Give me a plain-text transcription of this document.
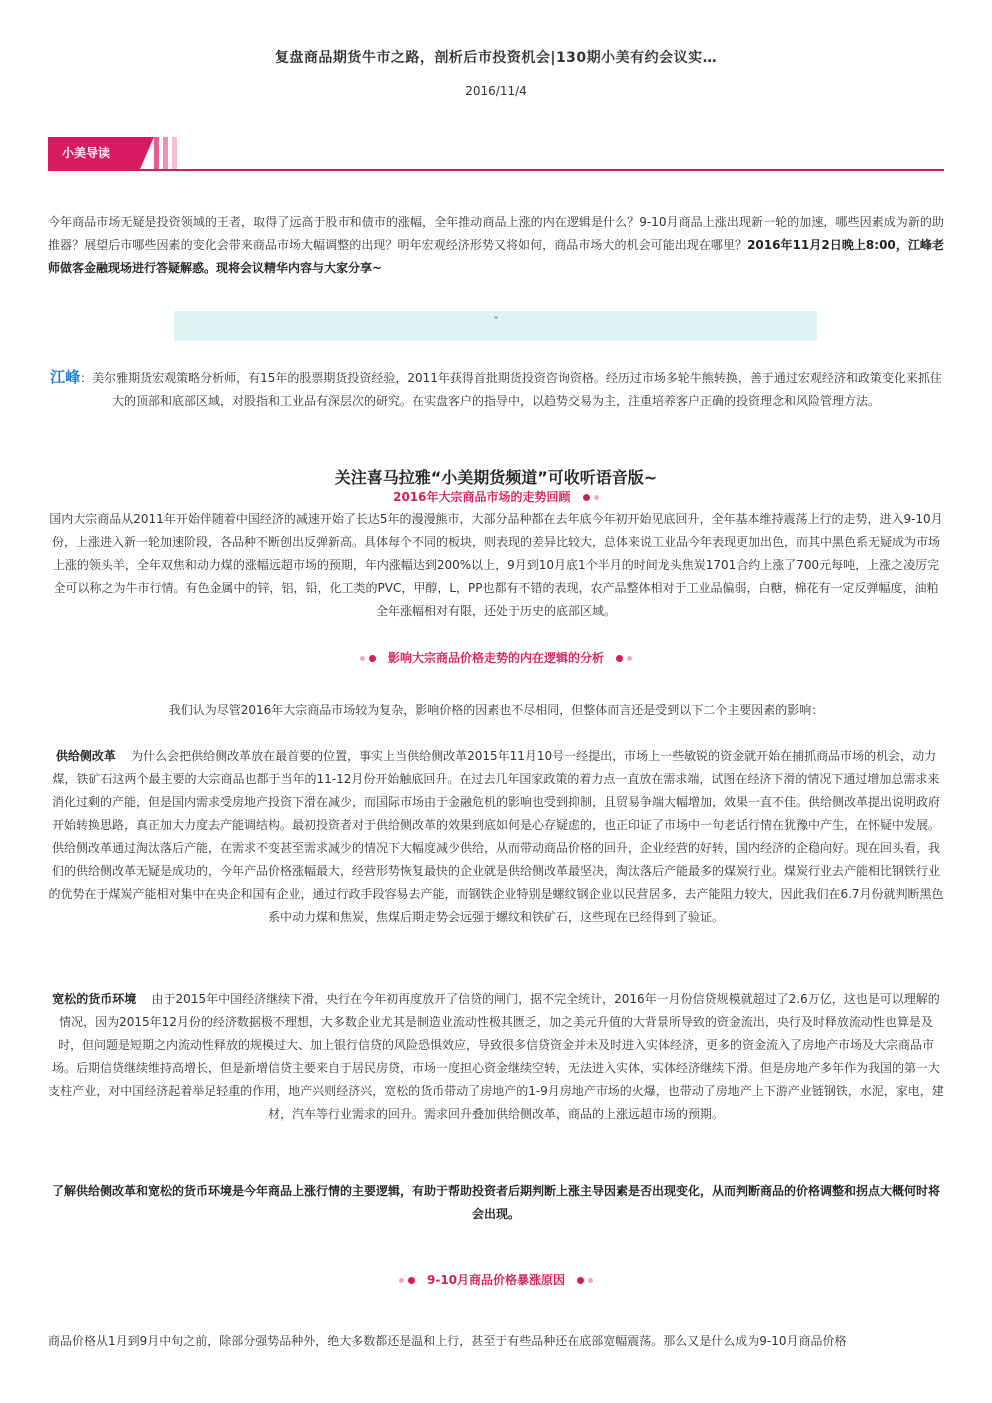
复盘商品期货牛市之路，剖析后市投资机会|130期小美有约会议实…
2016/11/4
小美导读
今年商品市场无疑是投资领域的王者，取得了远高于股市和债市的涨幅，全年推动商品上涨的内在逻辑是什么？9-10月商品上涨出现新一轮的加速，哪些因素成为新的助推器？展望后市哪些因素的变化会带来商品市场大幅调整的出现？明年宏观经济形势又将如何，商品市场大的机会可能出现在哪里？2016年11月2日晚上8:00，江峰老师做客金融现场进行答疑解惑。现将会议精华内容与大家分享~
▪
江峰：美尔雅期货宏观策略分析师，有15年的股票期货投资经验，2011年获得首批期货投资咨询资格。经历过市场多轮牛熊转换，善于通过宏观经济和政策变化来抓住大的顶部和底部区域，对股指和工业品有深层次的研究。在实盘客户的指导中，以趋势交易为主，注重培养客户正确的投资理念和风险管理方法。
关注喜马拉雅“小美期货频道”可收听语音版~
2016年大宗商品市场的走势回顾
国内大宗商品从2011年开始伴随着中国经济的减速开始了长达5年的漫漫熊市，大部分品种都在去年底今年初开始见底回升，全年基本维持震荡上行的走势，进入9-10月份，上涨进入新一轮加速阶段，各品种不断创出反弹新高。具体每个不同的板块，则表现的差异比较大，总体来说工业品今年表现更加出色，而其中黑色系无疑成为市场上涨的领头羊，全年双焦和动力煤的涨幅远超市场的预期，年内涨幅达到200%以上，9月到10月底1个半月的时间龙头焦炭1701合约上涨了700元每吨，上涨之凌厉完全可以称之为牛市行情。有色金属中的锌，铝，铅，化工类的PVC，甲醇，L，PP也都有不错的表现，农产品整体相对于工业品偏弱，白糖，棉花有一定反弹幅度，油粕全年涨幅相对有限，还处于历史的底部区域。
影响大宗商品价格走势的内在逻辑的分析
我们认为尽管2016年大宗商品市场较为复杂，影响价格的因素也不尽相同，但整体而言还是受到以下二个主要因素的影响：
供给侧改革 为什么会把供给侧改革放在最首要的位置，事实上当供给侧改革2015年11月10号一经提出，市场上一些敏锐的资金就开始在捕抓商品市场的机会，动力煤，铁矿石这两个最主要的大宗商品也都于当年的11-12月份开始触底回升。在过去几年国家政策的着力点一直放在需求端，试图在经济下滑的情况下通过增加总需求来消化过剩的产能，但是国内需求受房地产投资下滑在减少，而国际市场由于金融危机的影响也受到抑制，且贸易争端大幅增加，效果一直不佳。供给侧改革提出说明政府开始转换思路，真正加大力度去产能调结构。最初投资者对于供给侧改革的效果到底如何是心存疑虑的，也正印证了市场中一句老话行情在犹豫中产生，在怀疑中发展。供给侧改革通过淘汰落后产能，在需求不变甚至需求减少的情况下大幅度减少供给，从而带动商品价格的回升，企业经营的好转，国内经济的企稳向好。现在回头看，我们的供给侧改革无疑是成功的，今年产品价格涨幅最大，经营形势恢复最快的企业就是供给侧改革最坚决，淘汰落后产能最多的煤炭行业。煤炭行业去产能相比钢铁行业的优势在于煤炭产能相对集中在央企和国有企业，通过行政手段容易去产能，而钢铁企业特别是螺纹钢企业以民营居多，去产能阻力较大，因此我们在6.7月份就判断黑色系中动力煤和焦炭，焦煤后期走势会远强于螺纹和铁矿石，这些现在已经得到了验证。
宽松的货币环境 由于2015年中国经济继续下滑，央行在今年初再度放开了信贷的闸门，据不完全统计，2016年一月份信贷规模就超过了2.6万亿，这也是可以理解的情况，因为2015年12月份的经济数据极不理想，大多数企业尤其是制造业流动性极其匮乏，加之美元升值的大背景所导致的资金流出，央行及时释放流动性也算是及时，但问题是短期之内流动性释放的规模过大、加上银行信贷的风险恐惧效应，导致很多信贷资金并未及时进入实体经济，更多的资金流入了房地产市场及大宗商品市场。后期信贷继续维持高增长，但是新增信贷主要来自于居民房贷，市场一度担心资金继续空转，无法进入实体，实体经济继续下滑。但是房地产多年作为我国的第一大支柱产业，对中国经济起着举足轻重的作用，地产兴则经济兴，宽松的货币带动了房地产的1-9月房地产市场的火爆，也带动了房地产上下游产业链钢铁，水泥，家电，建材，汽车等行业需求的回升。需求回升叠加供给侧改革，商品的上涨远超市场的预期。
了解供给侧改革和宽松的货币环境是今年商品上涨行情的主要逻辑，有助于帮助投资者后期判断上涨主导因素是否出现变化，从而判断商品的价格调整和拐点大概何时将会出现。
9-10月商品价格暴涨原因
商品价格从1月到9月中旬之前，除部分强势品种外，绝大多数都还是温和上行，甚至于有些品种还在底部宽幅震荡。那么又是什么成为9-10月商品价格
